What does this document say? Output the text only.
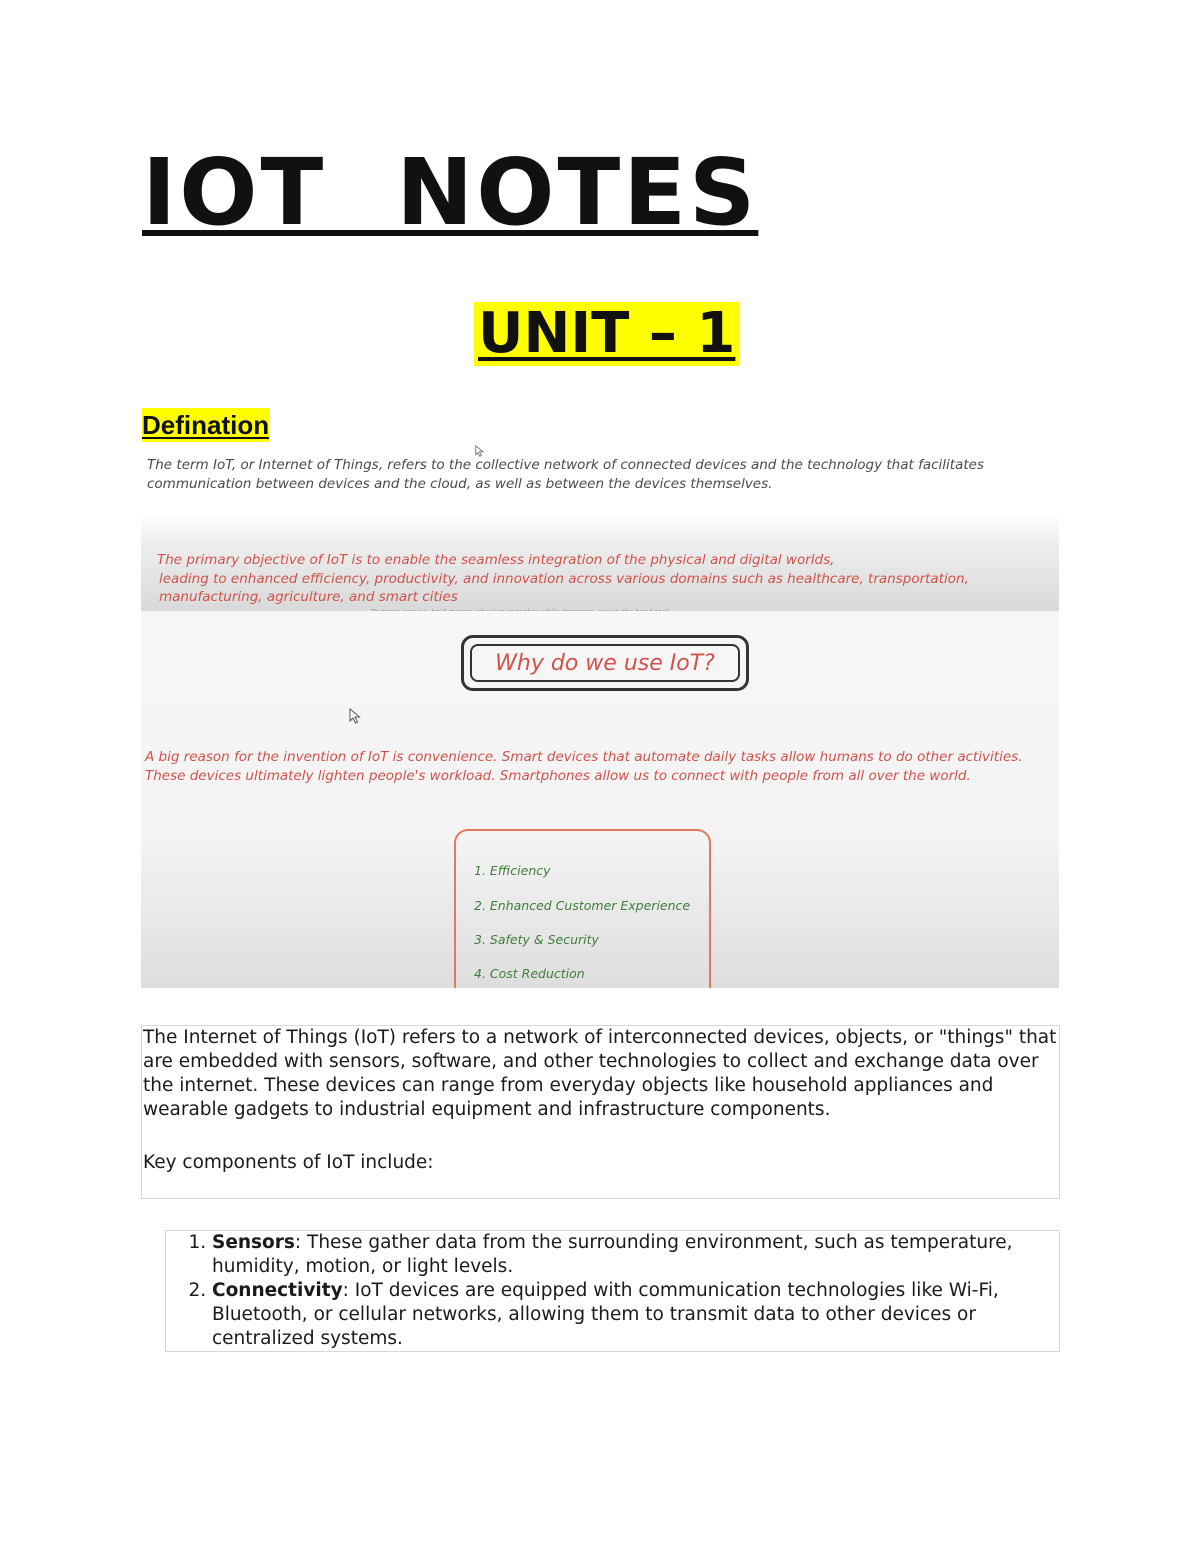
IOT  NOTES
UNIT – 1
Defination
The term IoT, or Internet of Things, refers to the collective network of connected devices and the technology that facilitates
communication between devices and the cloud, as well as between the devices themselves.
The primary objective of IoT is to enable the seamless integration of the physical and digital worlds,
leading to enhanced efficiency, productivity, and innovation across various domains such as healthcare, transportation,
manufacturing, agriculture, and smart cities
Why do we use IoT?
A big reason for the invention of IoT is convenience. Smart devices that automate daily tasks allow humans to do other activities.
These devices ultimately lighten people's workload. Smartphones allow us to connect with people from all over the world.
1. Efficiency
2. Enhanced Customer Experience
3. Safety & Security
4. Cost Reduction

The Internet of Things (IoT) refers to a network of interconnected devices, objects, or "things" that are embedded with sensors, software, and other technologies to collect and exchange data over the internet. These devices can range from everyday objects like household appliances and wearable gadgets to industrial equipment and infrastructure components.

Key components of IoT include:

1. Sensors: These gather data from the surrounding environment, such as temperature, humidity, motion, or light levels.
2. Connectivity: IoT devices are equipped with communication technologies like Wi-Fi, Bluetooth, or cellular networks, allowing them to transmit data to other devices or centralized systems.
